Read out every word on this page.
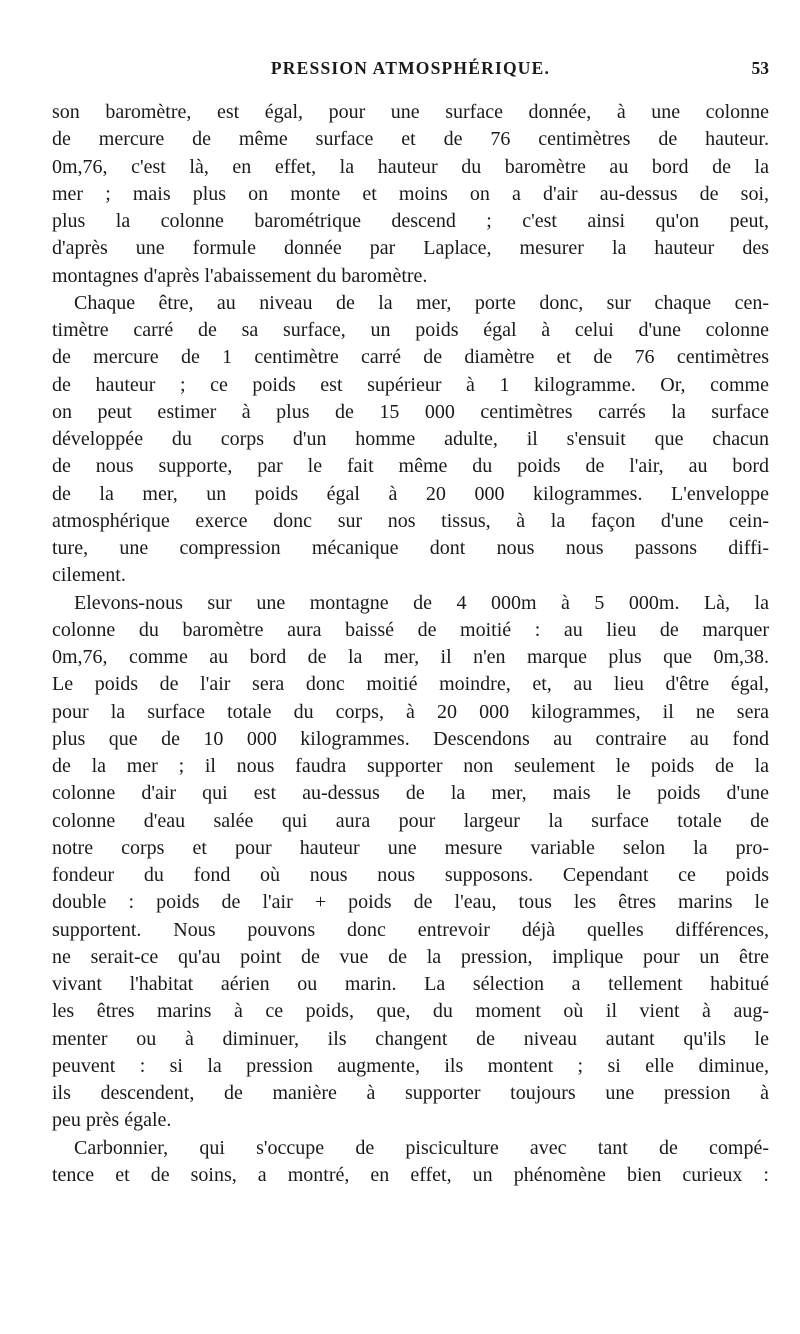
PRESSION ATMOSPHÉRIQUE.	53
son baromètre, est égal, pour une surface donnée, à une colonne
de mercure de même surface et de 76 centimètres de hauteur.
0m,76, c'est là, en effet, la hauteur du baromètre au bord de la
mer ; mais plus on monte et moins on a d'air au-dessus de soi,
plus la colonne barométrique descend ; c'est ainsi qu'on peut,
d'après une formule donnée par Laplace, mesurer la hauteur des
montagnes d'après l'abaissement du baromètre.
Chaque être, au niveau de la mer, porte donc, sur chaque cen-
timètre carré de sa surface, un poids égal à celui d'une colonne
de mercure de 1 centimètre carré de diamètre et de 76 centimètres
de hauteur ; ce poids est supérieur à 1 kilogramme. Or, comme
on peut estimer à plus de 15 000 centimètres carrés la surface
développée du corps d'un homme adulte, il s'ensuit que chacun
de nous supporte, par le fait même du poids de l'air, au bord
de la mer, un poids égal à 20 000 kilogrammes. L'enveloppe
atmosphérique exerce donc sur nos tissus, à la façon d'une cein-
ture, une compression mécanique dont nous nous passons diffi-
cilement.
Elevons-nous sur une montagne de 4 000m à 5 000m. Là, la
colonne du baromètre aura baissé de moitié : au lieu de marquer
0m,76, comme au bord de la mer, il n'en marque plus que 0m,38.
Le poids de l'air sera donc moitié moindre, et, au lieu d'être égal,
pour la surface totale du corps, à 20 000 kilogrammes, il ne sera
plus que de 10 000 kilogrammes. Descendons au contraire au fond
de la mer ; il nous faudra supporter non seulement le poids de la
colonne d'air qui est au-dessus de la mer, mais le poids d'une
colonne d'eau salée qui aura pour largeur la surface totale de
notre corps et pour hauteur une mesure variable selon la pro-
fondeur du fond où nous nous supposons. Cependant ce poids
double : poids de l'air + poids de l'eau, tous les êtres marins le
supportent. Nous pouvons donc entrevoir déjà quelles différences,
ne serait-ce qu'au point de vue de la pression, implique pour un être
vivant l'habitat aérien ou marin. La sélection a tellement habitué
les êtres marins à ce poids, que, du moment où il vient à aug-
menter ou à diminuer, ils changent de niveau autant qu'ils le
peuvent : si la pression augmente, ils montent ; si elle diminue,
ils descendent, de manière à supporter toujours une pression à
peu près égale.
Carbonnier, qui s'occupe de pisciculture avec tant de compé-
tence et de soins, a montré, en effet, un phénomène bien curieux :
